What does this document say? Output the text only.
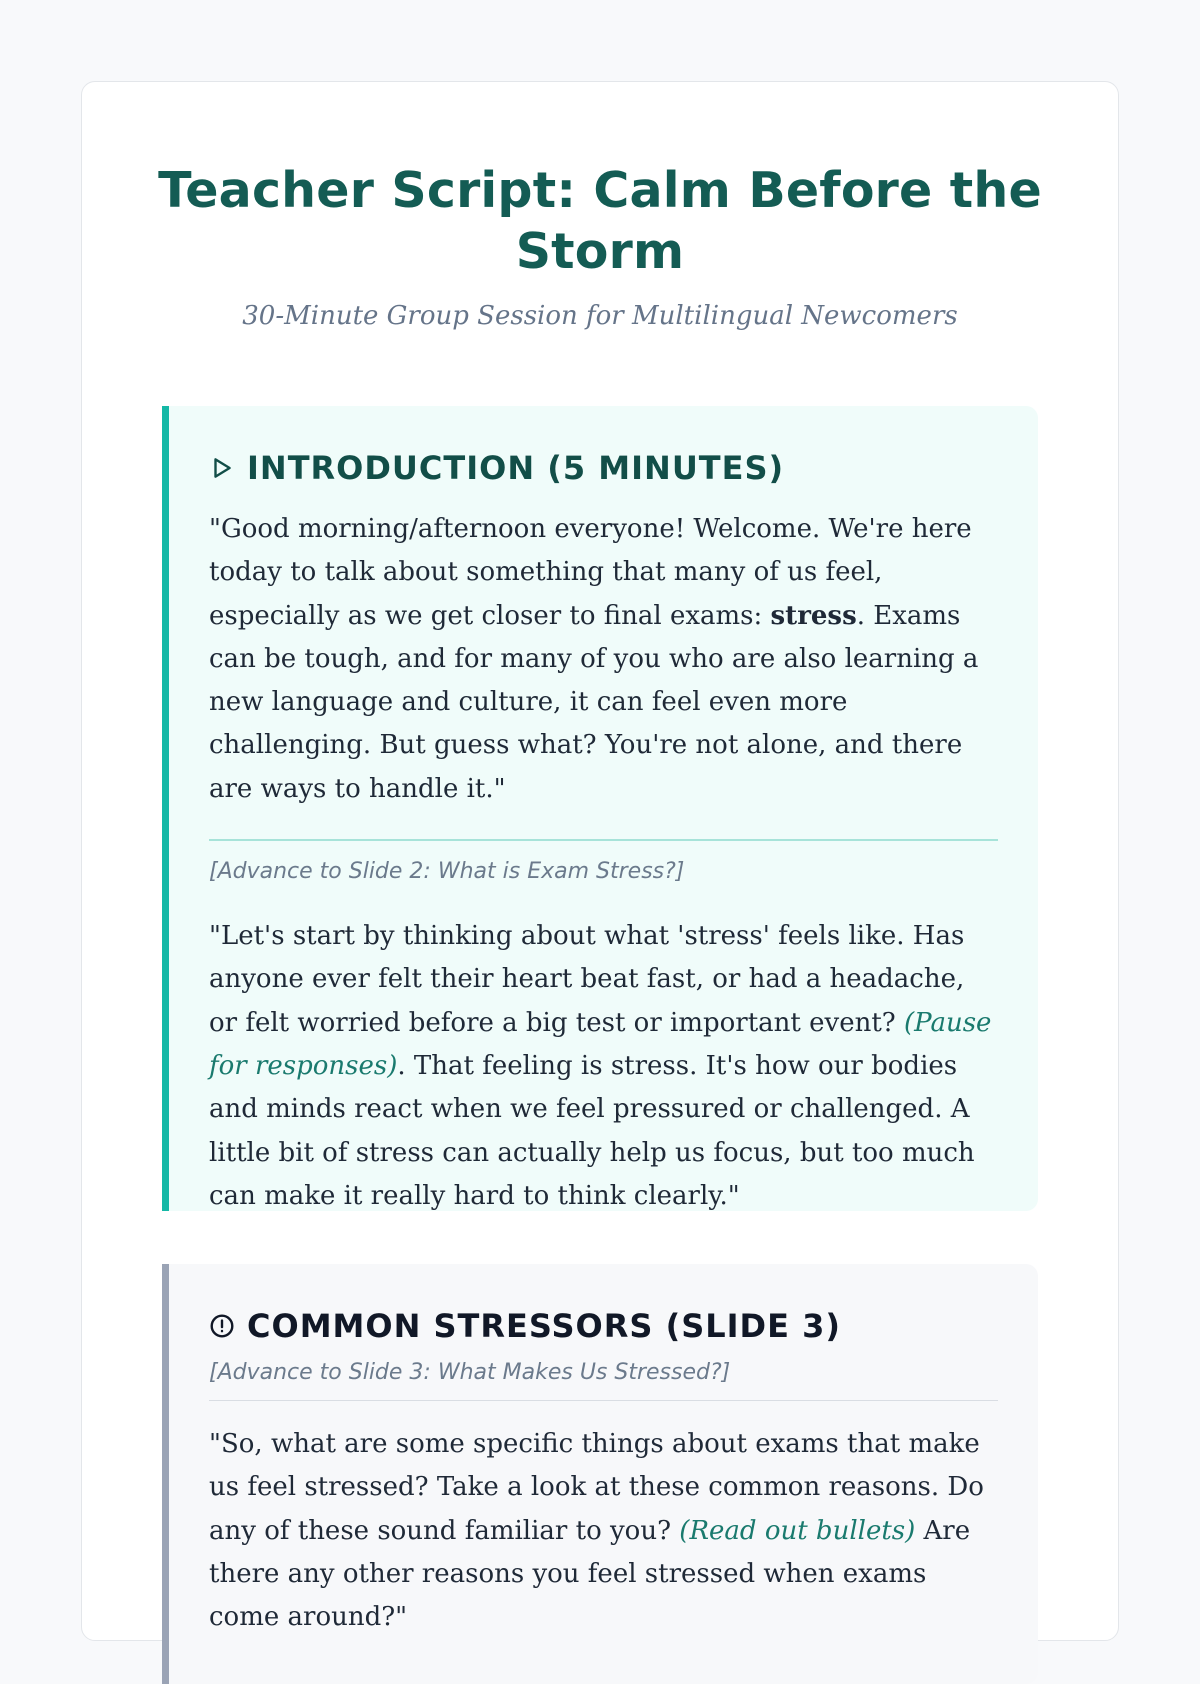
Teacher Script: Calm Before the Storm
30-Minute Group Session for Multilingual Newcomers
INTRODUCTION (5 MINUTES)

"Good morning/afternoon everyone! Welcome. We're here today to talk about something that many of us feel, especially as we get closer to final exams: stress. Exams can be tough, and for many of you who are also learning a new language and culture, it can feel even more challenging. But guess what? You're not alone, and there are ways to handle it."

[Advance to Slide 2: What is Exam Stress?]

"Let's start by thinking about what 'stress' feels like. Has anyone ever felt their heart beat fast, or had a headache, or felt worried before a big test or important event? (Pause for responses). That feeling is stress. It's how our bodies and minds react when we feel pressured or challenged. A little bit of stress can actually help us focus, but too much can make it really hard to think clearly."

COMMON STRESSORS (SLIDE 3)
[Advance to Slide 3: What Makes Us Stressed?]

"So, what are some specific things about exams that make us feel stressed? Take a look at these common reasons. Do any of these sound familiar to you? (Read out bullets) Are there any other reasons you feel stressed when exams come around?"
